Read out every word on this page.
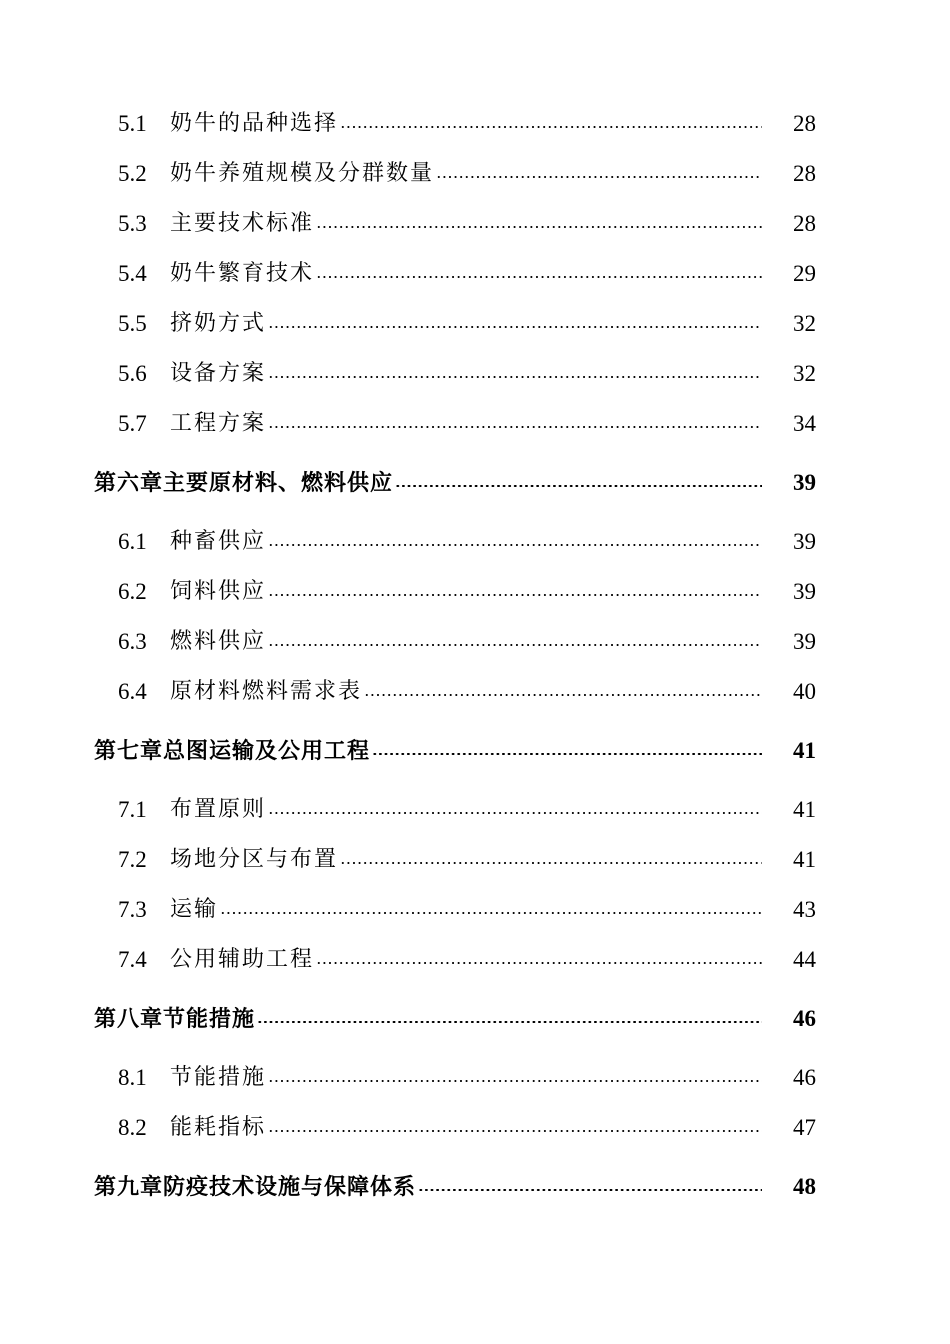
5.1 奶牛的品种选择	28
5.2 奶牛养殖规模及分群数量	28
5.3 主要技术标准	28
5.4 奶牛繁育技术	29
5.5 挤奶方式	32
5.6 设备方案	32
5.7 工程方案	34
第六章主要原材料、燃料供应	39
6.1 种畜供应	39
6.2 饲料供应	39
6.3 燃料供应	39
6.4 原材料燃料需求表	40
第七章总图运输及公用工程	41
7.1 布置原则	41
7.2 场地分区与布置	41
7.3 运输	43
7.4 公用辅助工程	44
第八章节能措施	46
8.1 节能措施	46
8.2 能耗指标	47
第九章防疫技术设施与保障体系	48
